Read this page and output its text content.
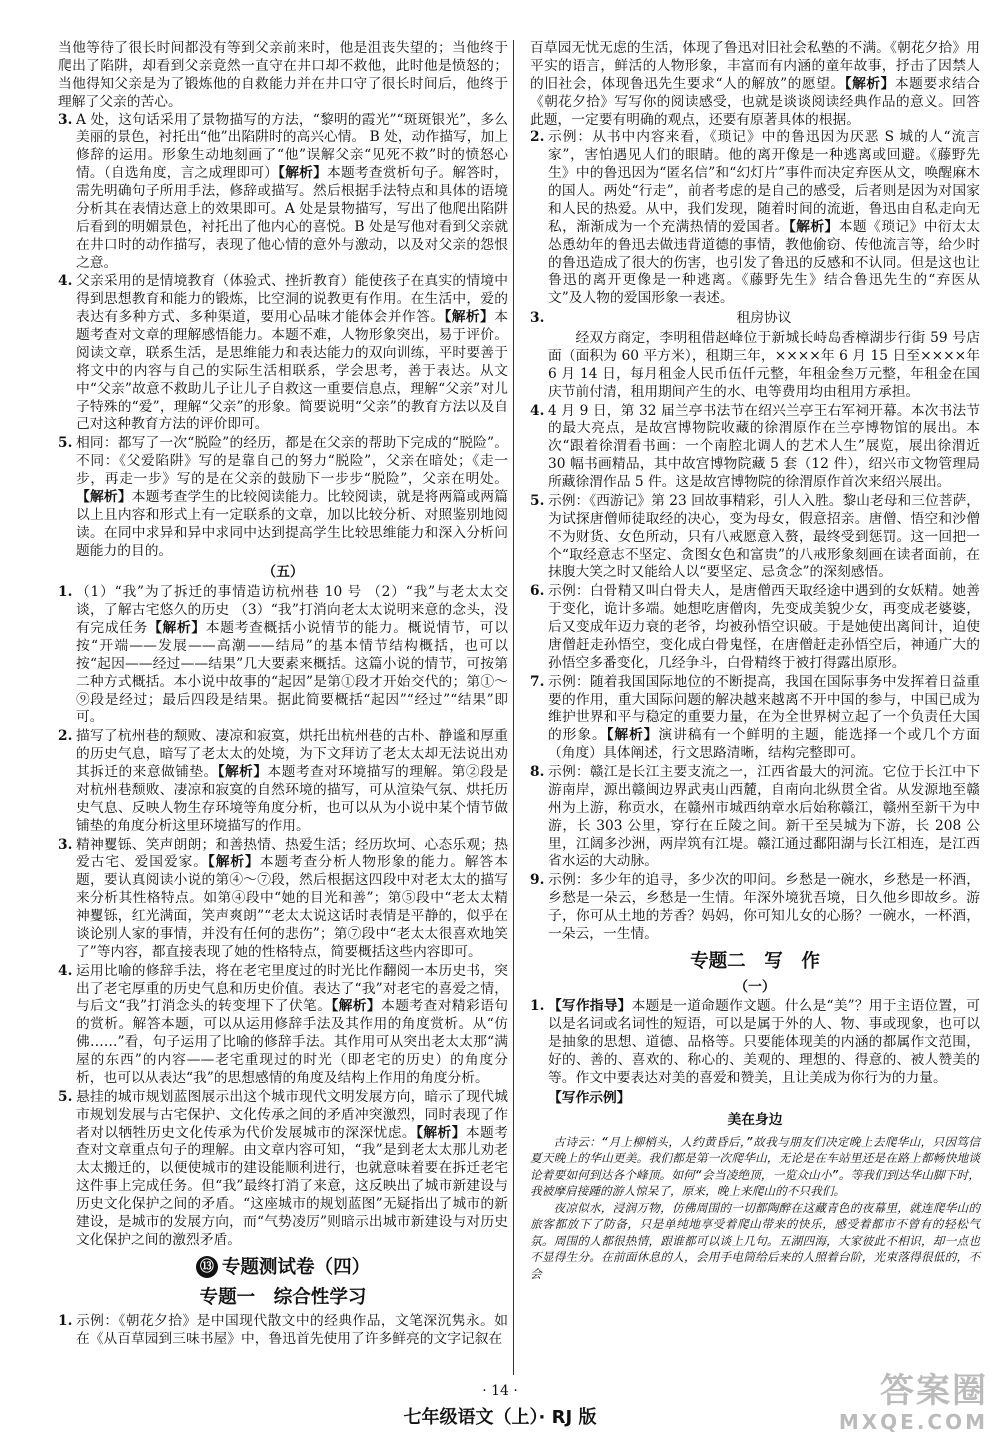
当他等待了很长时间都没有等到父亲前来时，他是沮丧失望的；当他终于爬出了陷阱，却看到父亲竟然一直守在井口却不救他，此时他是愤怒的；当他得知父亲是为了锻炼他的自救能力并在井口守了很长时间后，他终于理解了父亲的苦心。

3. A 处，这句话采用了景物描写的方法，“黎明的霞光”“斑斑银光”，多么美丽的景色，衬托出“他”出陷阱时的高兴心情。 B 处，动作描写，加上修辞的运用。形象生动地刻画了“他”误解父亲“见死不救”时的愤怒心情。（自选角度，言之成理即可）【解析】本题考查赏析句子。解答时，需先明确句子所用手法，修辞或描写。然后根据手法特点和具体的语境分析其在表情达意上的效果即可。A 处是景物描写，写出了他爬出陷阱后看到的明媚景色，衬托出了他内心的喜悦。B 处是写他对看到父亲就在井口时的动作描写，表现了他心情的意外与激动，以及对父亲的怨恨之意。
4. 父亲采用的是情境教育（体验式、挫折教育）能使孩子在真实的情境中得到思想教育和能力的锻炼，比空洞的说教更有作用。在生活中，爱的表达有多种方式、多种渠道，要用心品味才能体会并作答。【解析】本题考查对文章的理解感悟能力。本题不难，人物形象突出，易于评价。阅读文章，联系生活，是思维能力和表达能力的双向训练，平时要善于将文中的内容与自己的实际生活相联系，学会思考，善于表达。从文中“父亲”故意不救助儿子让儿子自救这一重要信息点，理解“父亲”对儿子特殊的“爱”，理解“父亲”的形象。简要说明“父亲”的教育方法以及自己对这种教育方法的评价即可。
5. 相同：都写了一次“脱险”的经历，都是在父亲的帮助下完成的“脱险”。不同：《父爱陷阱》写的是靠自己的努力“脱险”，父亲在暗处；《走一步，再走一步》写的是在父亲的鼓励下一步步“脱险”，父亲在明处。【解析】本题考查学生的比较阅读能力。比较阅读，就是将两篇或两篇以上且内容和形式上有一定联系的文章，加以比较分析、对照鉴别地阅读。在同中求异和异中求同中达到提高学生比较思维能力和深入分析问题能力的目的。
（五）
1. （1）“我”为了拆迁的事情造访杭州巷 10 号 （2）“我”与老太太交谈，了解古宅悠久的历史 （3）“我”打消向老太太说明来意的念头，没有完成任务【解析】本题考查概括小说情节的能力。概说情节，可以按“开端——发展——高潮——结局”的基本情节结构概括，也可以按“起因——经过——结果”几大要素来概括。这篇小说的情节，可按第二种方式概括。本小说中故事的“起因”是第①段才开始交代的；第①～⑨段是经过；最后四段是结果。据此简要概括“起因”“经过”“结果”即可。
2. 描写了杭州巷的颓败、凄凉和寂寞，烘托出杭州巷的古朴、静谧和厚重的历史气息，暗写了老太太的处境，为下文拜访了老太太却无法说出劝其拆迁的来意做铺垫。【解析】本题考查对环境描写的理解。第②段是对杭州巷颓败、凄凉和寂寞的自然环境的描写，可从渲染气氛、烘托历史气息、反映人物生存环境等角度分析，也可以从为小说中某个情节做铺垫的角度分析这里环境描写的作用。
3. 精神矍铄、笑声朗朗；和善热情、热爱生活；经历坎坷、心态乐观；热爱古宅、爱国爱家。【解析】本题考查分析人物形象的能力。解答本题，要认真阅读小说的第④～⑦段，然后根据这四段中对老太太的描写来分析其性格特点。如第④段中“她的目光和善”；第⑤段中“老太太精神矍铄，红光满面，笑声爽朗”“老太太说这话时表情是平静的，似乎在谈论别人家的事情，并没有任何的悲伤”；第⑦段中“老太太很喜欢地笑了”等内容，都直接表现了她的性格特点，简要概括这些内容即可。
4. 运用比喻的修辞手法，将在老宅里度过的时光比作翻阅一本历史书，突出了老宅厚重的历史气息和历史价值。表达了“我”对老宅的喜爱之情，与后文“我”打消念头的转变埋下了伏笔。【解析】本题考查对精彩语句的赏析。解答本题，可以从运用修辞手法及其作用的角度赏析。从“仿佛……”看，句子运用了比喻的修辞手法。其作用可从突出老太太那“满屋的东西”的内容——老宅重现过的时光（即老宅的历史）的角度分析，也可以从表达“我”的思想感情的角度及结构上作用的角度分析。
5. 悬挂的城市规划蓝图展示出这个城市现代文明发展方向，暗示了现代城市规划发展与古宅保护、文化传承之间的矛盾冲突激烈，同时表现了作者对以牺牲历史文化传承为代价发展城市的深深忧虑。【解析】本题考查对文章重点句子的理解。由文章内容可知，“我”是到老太太那儿劝老太太搬迁的，以便使城市的建设能顺利进行，也就意味着要在拆迁老宅这件事上完成任务。但“我”最终打消了来意，这反映出了城市新建设与历史文化保护之间的矛盾。“这座城市的规划蓝图”无疑指出了城市的新建设，是城市的发展方向，而“气势凌厉”则暗示出城市新建设与对历史文化保护之间的激烈矛盾。
⑬ 专题测试卷（四）
专题一　综合性学习
1. 示例：《朝花夕拾》是中国现代散文中的经典作品，文笔深沉隽永。如在《从百草园到三味书屋》中，鲁迅首先使用了许多鲜亮的文字记叙在

百草园无忧无虑的生活，体现了鲁迅对旧社会私塾的不满。《朝花夕拾》用平实的语言，鲜活的人物形象，丰富而有内涵的童年故事，抒击了因禁人的旧社会，体现鲁迅先生要求“人的解放”的愿望。【解析】本题要求结合《朝花夕拾》写写你的阅读感受，也就是谈谈阅读经典作品的意义。回答此题，一定要有明确的观点，还要有原著具体的根据。

2. 示例：从书中内容来看，《琐记》中的鲁迅因为厌恶 S 城的人“流言家”，害怕遇见人们的眼睛。他的离开像是一种逃离或回避。《藤野先生》中的鲁迅因为“匿名信”和“幻灯片”事件而决定弃医从文，唤醒麻木的国人。两处“行走”，前者考虑的是自己的感受，后者则是因为对国家和人民的热爱。从中，我们发现，随着时间的流逝，鲁迅由自私走向无私，渐渐成为一个充满热情的爱国者。【解析】本题《琐记》中衍太太怂恿幼年的鲁迅去做违背道德的事情，教他偷窃、传他流言等，给少时的鲁迅造成了很大的伤害，也引发了鲁迅的反感和不认同。但是这也让鲁迅的离开更像是一种逃离。《藤野先生》结合鲁迅先生的“弃医从文”及人物的爱国形象一表述。
3.	租房协议

经双方商定，李明租借赵峰位于新城长峙岛香樟湖步行街 59 号店面（面积为 60 平方米），租期三年，××××年 6 月 15 日至××××年 6 月 14 日，每月租金人民币伍仟元整，年租金叁万元整，年租金在国庆节前付清，租用期间产生的水、电等费用均由租用方承担。

4. 4 月 9 日，第 32 届兰亭书法节在绍兴兰亭王右军祠开幕。本次书法节的最大亮点，是故宫博物院收藏的徐渭原作在兰亭博物馆的展出。本次“跟着徐渭看书画：一个南腔北调人的艺术人生”展览，展出徐渭近 30 幅书画精品，其中故宫博物院藏 5 套（12 件），绍兴市文物管理局所藏徐渭作品 5 件。这是故宫博物院的徐渭原作首次来绍兴展出。
5. 示例：《西游记》第 23 回故事精彩，引人入胜。黎山老母和三位菩萨，为试探唐僧师徒取经的决心，变为母女，假意招亲。唐僧、悟空和沙僧不为财货、女色所动，只有八戒愿意入赘，最终受到惩罚。这一回把一个“取经意志不坚定、贪图女色和富贵”的八戒形象刻画在读者面前，在抹腹大笑之时又能给人以“要坚定、忌贪念”的深刻感悟。
6. 示例：白骨精又叫白骨夫人，是唐僧西天取经途中遇到的女妖精。她善于变化，诡计多端。她想吃唐僧肉，先变成美貌少女，再变成老婆婆，后又变成年迈力衰的老爷，均被孙悟空识破。于是她使出离间计，迫使唐僧赶走孙悟空，变化成白骨鬼怪，在唐僧赶走孙悟空后，神通广大的孙悟空多番变化，几经争斗，白骨精终于被打得露出原形。
7. 示例：随着我国国际地位的不断提高，我国在国际事务中发挥着日益重要的作用，重大国际问题的解决越来越离不开中国的参与，中国已成为维护世界和平与稳定的重要力量，在为全世界树立起了一个负责任大国的形象。【解析】演讲稿有一个鲜明的主题，能选择一个或几个方面（角度）具体阐述，行文思路清晰，结构完整即可。
8. 示例：赣江是长江主要支流之一，江西省最大的河流。它位于长江中下游南岸，源出赣闽边界武夷山西麓，自南向北纵贯全省。从发源地至赣州为上游，称贡水，在赣州市城西纳章水后始称赣江，赣州至新干为中游，长 303 公里，穿行在丘陵之间。新干至吴城为下游，长 208 公里，江阔多沙洲，两岸筑有江堤。赣江通过鄱阳湖与长江相连，是江西省水运的大动脉。
9. 示例：多少年的追寻，多少次的叩问。乡愁是一碗水，乡愁是一杯酒，乡愁是一朵云，乡愁是一生情。年深外境犹吾境，日久他乡即故乡。游子，你可从土地的芳香？妈妈，你可知儿女的心肠？一碗水，一杯酒，一朵云，一生情。
专题二　写　作
（一）
1. 【写作指导】本题是一道命题作文题。什么是“美”？用于主语位置，可以是名词或名词性的短语，可以是属于外的人、物、事或现象，也可以是抽象的思想、道德、品格等。只要能体现美的内涵的都属作文范围，好的、善的、喜欢的、称心的、美观的、理想的、得意的、被人赞美的等。作文中要表达对美的喜爱和赞美，且让美成为你行为的力量。
【写作示例】
美在身边

古诗云：“月上柳梢头，人约黄昏后，”故我与朋友们决定晚上去爬华山，只因笃信夏天晚上的华山更美。我们都是第一次爬华山，无论是在车站里还是在路上都畅快地谈论着要如何到达各个峰顶。如何“会当凌绝顶，一览众山小”。等我们到达华山脚下时，我被摩肩接踵的游人惊呆了，原来，晚上来爬山的不只我们。

夜凉似水，浸润万物，仿佛周围的一切都陶醉在这藏青色的夜幕里，就连爬华山的旅客都放下了防备，只是单纯地享受着爬山带来的快乐，感受着都市不曾有的轻松气氛。周围的人都很热情，跟谁都可以谈上几句。五湖四海，大家彼此不相识，却一点也不显得生分。在前面休息的人，会用手电筒给后来的人照着台阶，光束落得很低的，不会

· 14 ·
七年级语文（上）· RJ 版
答案圈
MXQE.COM
